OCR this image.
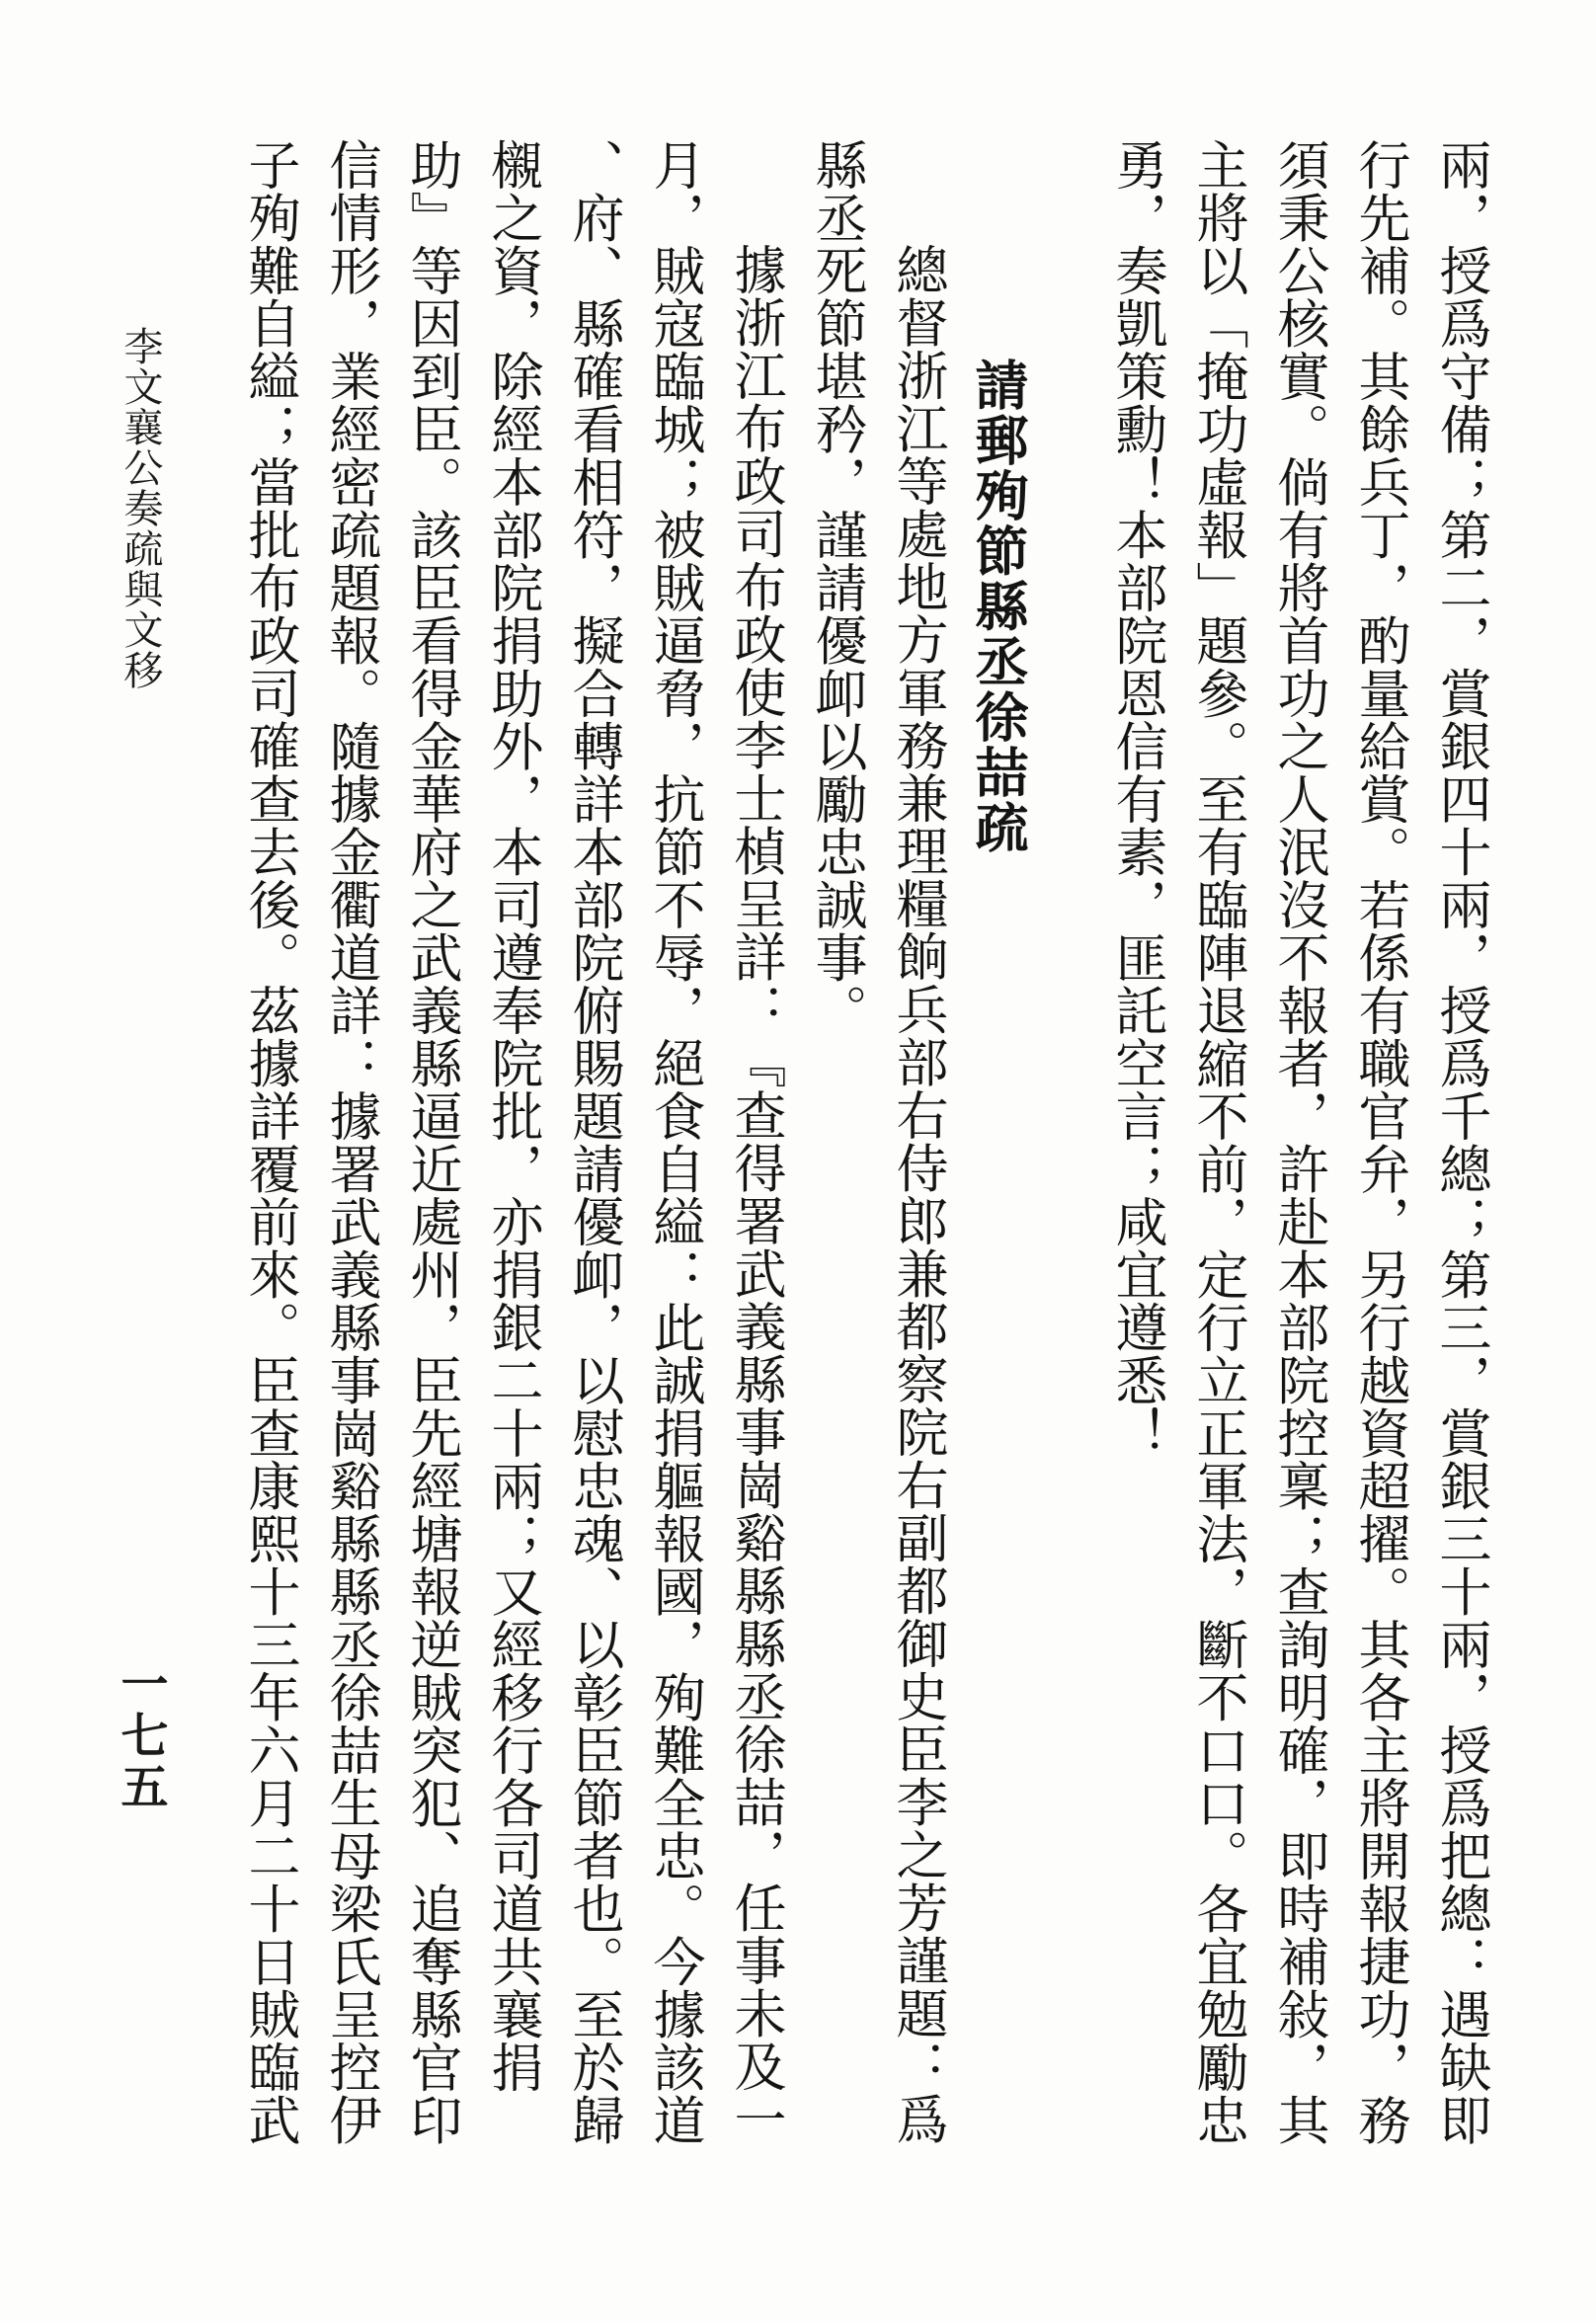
兩，授爲守備；第二，賞銀四十兩，授爲千總；第三，賞銀三十兩，授爲把總：遇缺即
行先補。其餘兵丁，酌量給賞。若係有職官弁，另行越資超擢。其各主將開報捷功，務
須秉公核實。倘有將首功之人泯沒不報者，許赴本部院控稟；查詢明確，即時補敍，其
主將以「掩功虛報」題參。至有臨陣退縮不前，定行立正軍法，斷不口口。各宜勉勵忠
勇，奏凱策勳！本部院恩信有素，匪託空言；咸宜遵悉！
請郵殉節縣丞徐喆疏
總督浙江等處地方軍務兼理糧餉兵部右侍郎兼都察院右副都御史臣李之芳謹題：爲
縣丞死節堪矜，謹請優卹以勵忠誠事。
據浙江布政司布政使李士楨呈詳：『查得署武義縣事崗谿縣縣丞徐喆，任事未及一
月，賊寇臨城；被賊逼脅，抗節不辱，絕食自縊：此誠捐軀報國，殉難全忠。今據該道
、府、縣確看相符，擬合轉詳本部院俯賜題請優卹，以慰忠魂、以彰臣節者也。至於歸
櫬之資，除經本部院捐助外，本司遵奉院批，亦捐銀二十兩；又經移行各司道共襄捐
助』等因到臣。該臣看得金華府之武義縣逼近處州，臣先經塘報逆賊突犯、追奪縣官印
信情形，業經密疏題報。隨據金衢道詳：據署武義縣事崗谿縣縣丞徐喆生母梁氏呈控伊
子殉難自縊；當批布政司確查去後。茲據詳覆前來。臣查康熙十三年六月二十日賊臨武
李文襄公奏疏與文移
一七五
